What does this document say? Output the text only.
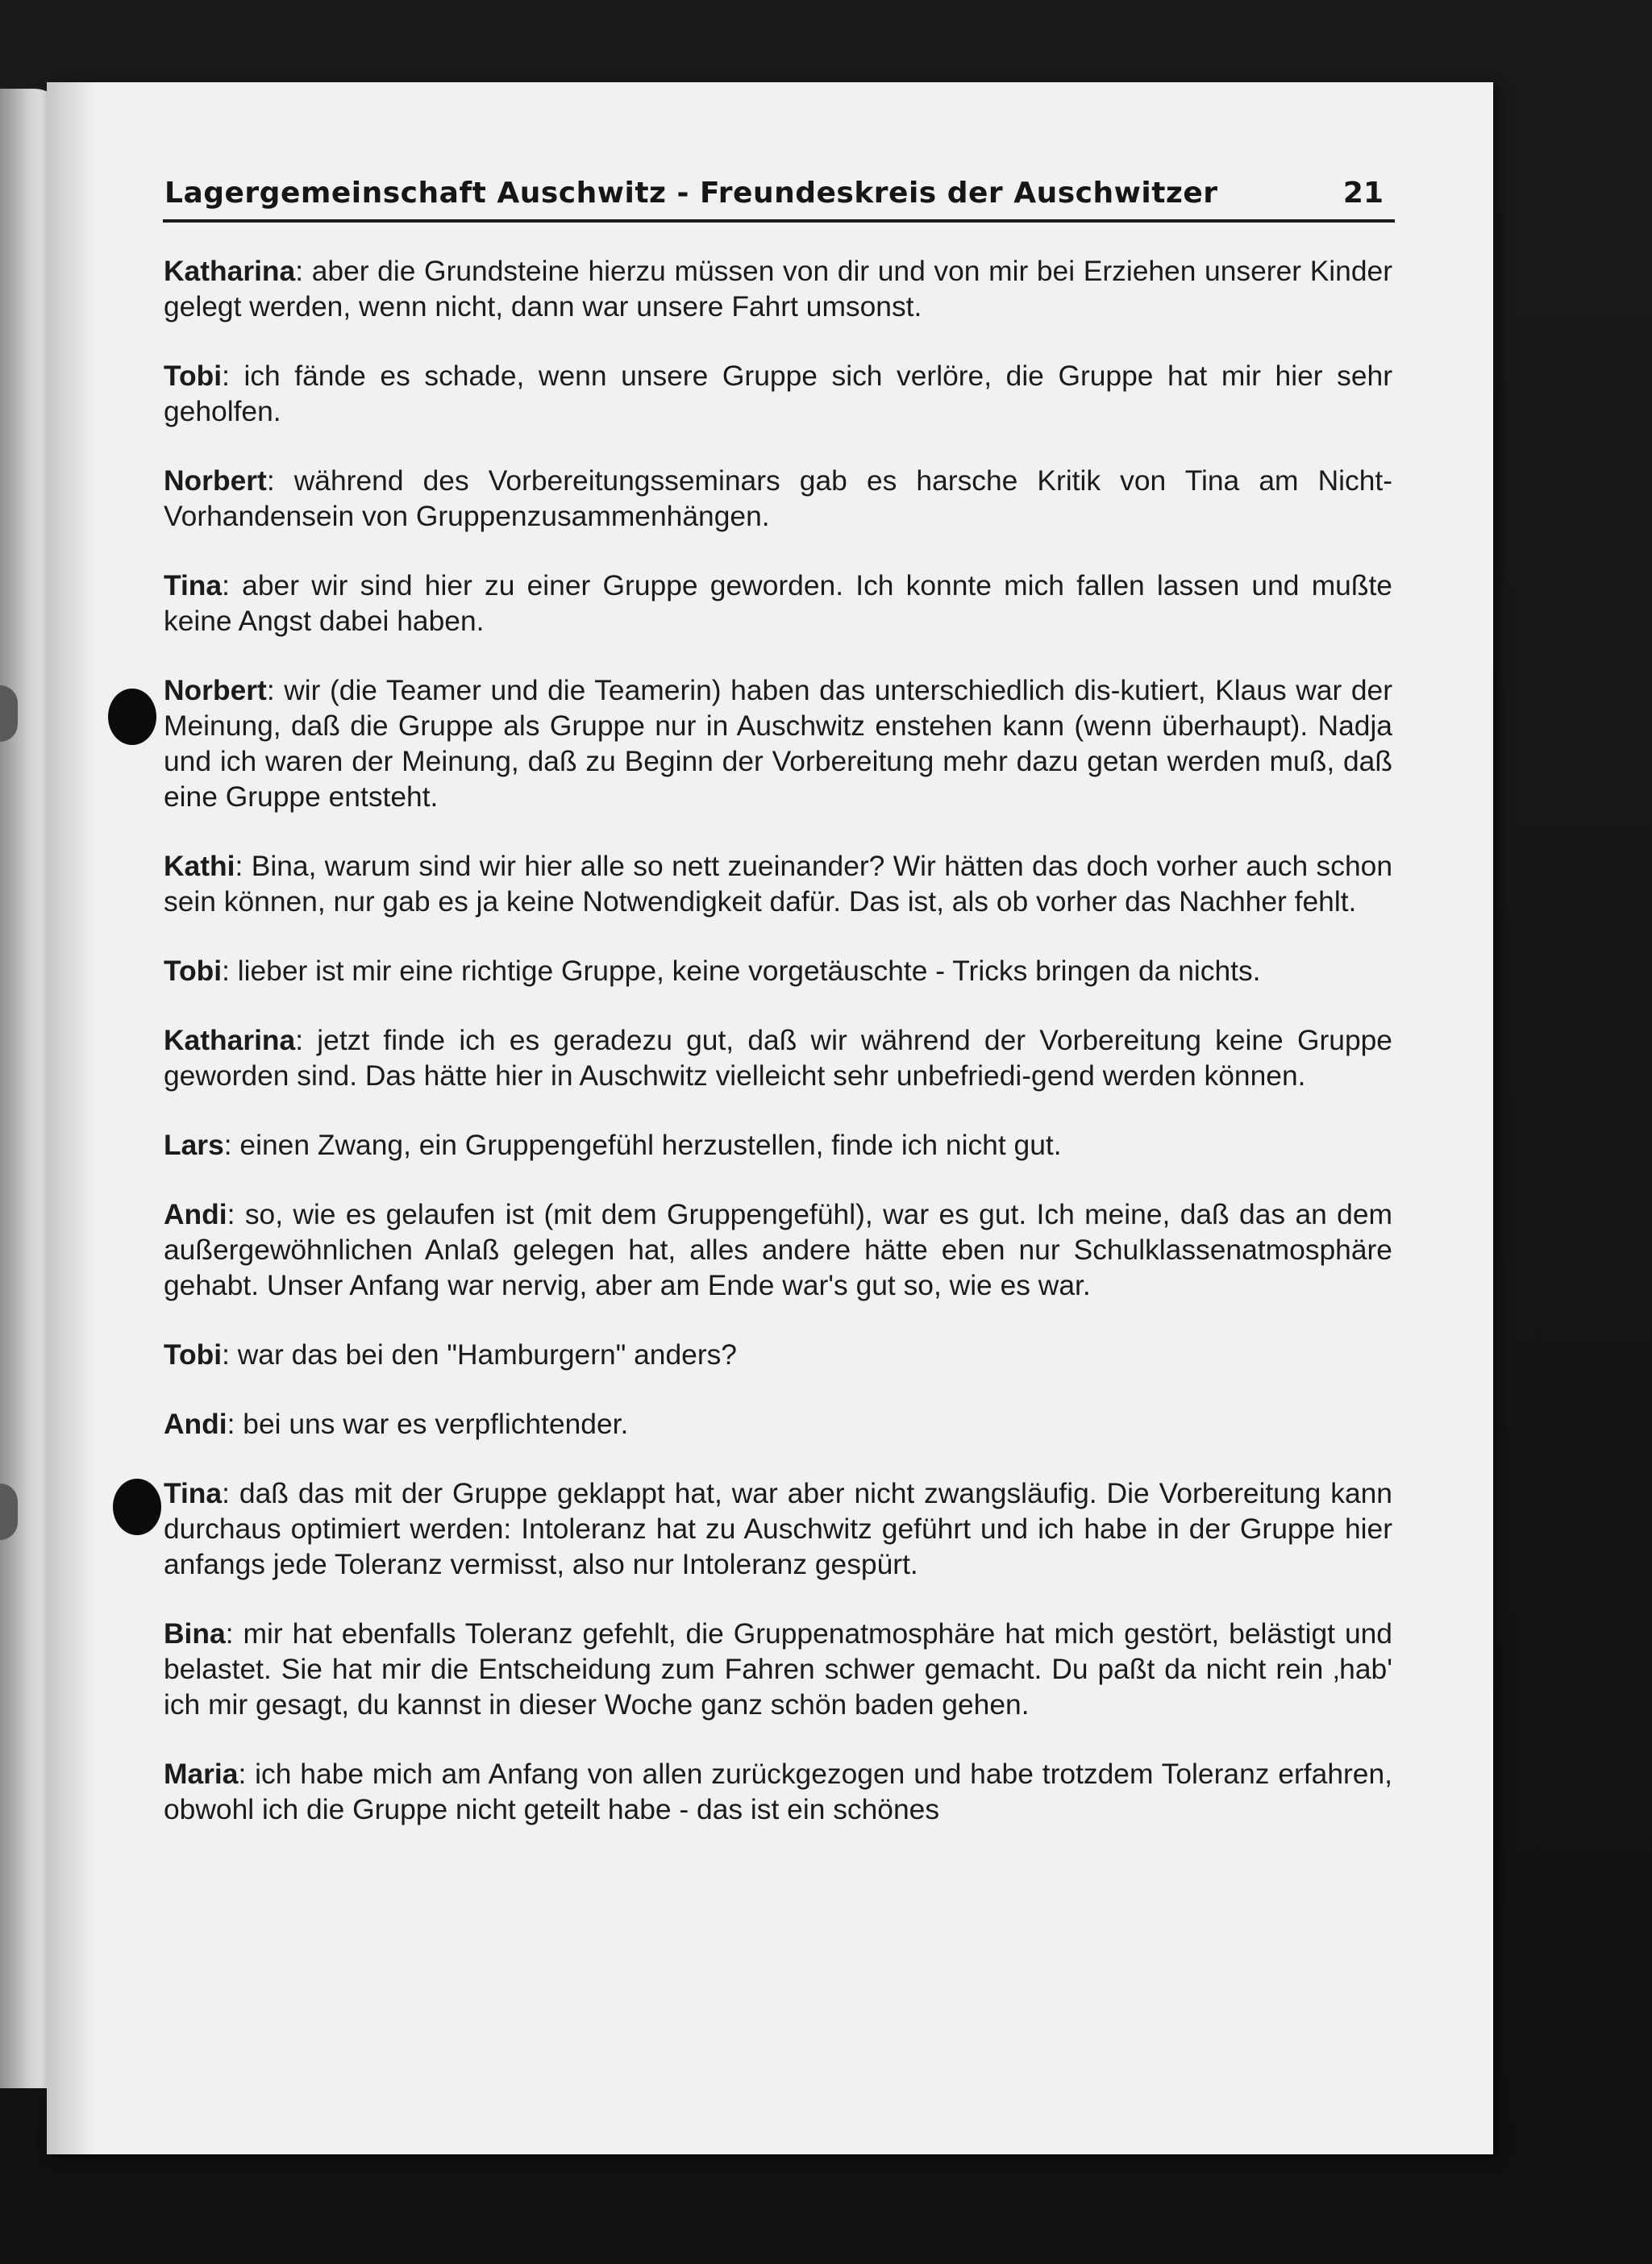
Lagergemeinschaft Auschwitz - Freundeskreis der Auschwitzer	21

Katharina: aber die Grundsteine hierzu müssen von dir und von mir bei Erziehen unserer Kinder gelegt werden, wenn nicht, dann war unsere Fahrt umsonst.

Tobi: ich fände es schade, wenn unsere Gruppe sich verlöre, die Gruppe hat mir hier sehr geholfen.

Norbert: während des Vorbereitungsseminars gab es harsche Kritik von Tina am Nicht-Vorhandensein von Gruppenzusammenhängen.

Tina: aber wir sind hier zu einer Gruppe geworden. Ich konnte mich fallen lassen und mußte keine Angst dabei haben.

Norbert: wir (die Teamer und die Teamerin) haben das unterschiedlich dis-kutiert, Klaus war der Meinung, daß die Gruppe als Gruppe nur in Auschwitz enstehen kann (wenn überhaupt). Nadja und ich waren der Meinung, daß zu Beginn der Vorbereitung mehr dazu getan werden muß, daß eine Gruppe entsteht.

Kathi: Bina, warum sind wir hier alle so nett zueinander? Wir hätten das doch vorher auch schon sein können, nur gab es ja keine Notwendigkeit dafür. Das ist, als ob vorher das Nachher fehlt.

Tobi: lieber ist mir eine richtige Gruppe, keine vorgetäuschte - Tricks bringen da nichts.

Katharina: jetzt finde ich es geradezu gut, daß wir während der Vorbereitung keine Gruppe geworden sind. Das hätte hier in Auschwitz vielleicht sehr unbefriedi-gend werden können.

Lars: einen Zwang, ein Gruppengefühl herzustellen, finde ich nicht gut.

Andi: so, wie es gelaufen ist (mit dem Gruppengefühl), war es gut. Ich meine, daß das an dem außergewöhnlichen Anlaß gelegen hat, alles andere hätte eben nur Schulklassenatmosphäre gehabt. Unser Anfang war nervig, aber am Ende war's gut so, wie es war.

Tobi: war das bei den "Hamburgern" anders?

Andi: bei uns war es verpflichtender.

Tina: daß das mit der Gruppe geklappt hat, war aber nicht zwangsläufig. Die Vorbereitung kann durchaus optimiert werden: Intoleranz hat zu Auschwitz geführt und ich habe in der Gruppe hier anfangs jede Toleranz vermisst, also nur Intoleranz gespürt.

Bina: mir hat ebenfalls Toleranz gefehlt, die Gruppenatmosphäre hat mich gestört, belästigt und belastet. Sie hat mir die Entscheidung zum Fahren schwer gemacht. Du paßt da nicht rein ‚hab' ich mir gesagt, du kannst in dieser Woche ganz schön baden gehen.

Maria: ich habe mich am Anfang von allen zurückgezogen und habe trotzdem Toleranz erfahren, obwohl ich die Gruppe nicht geteilt habe - das ist ein schönes
